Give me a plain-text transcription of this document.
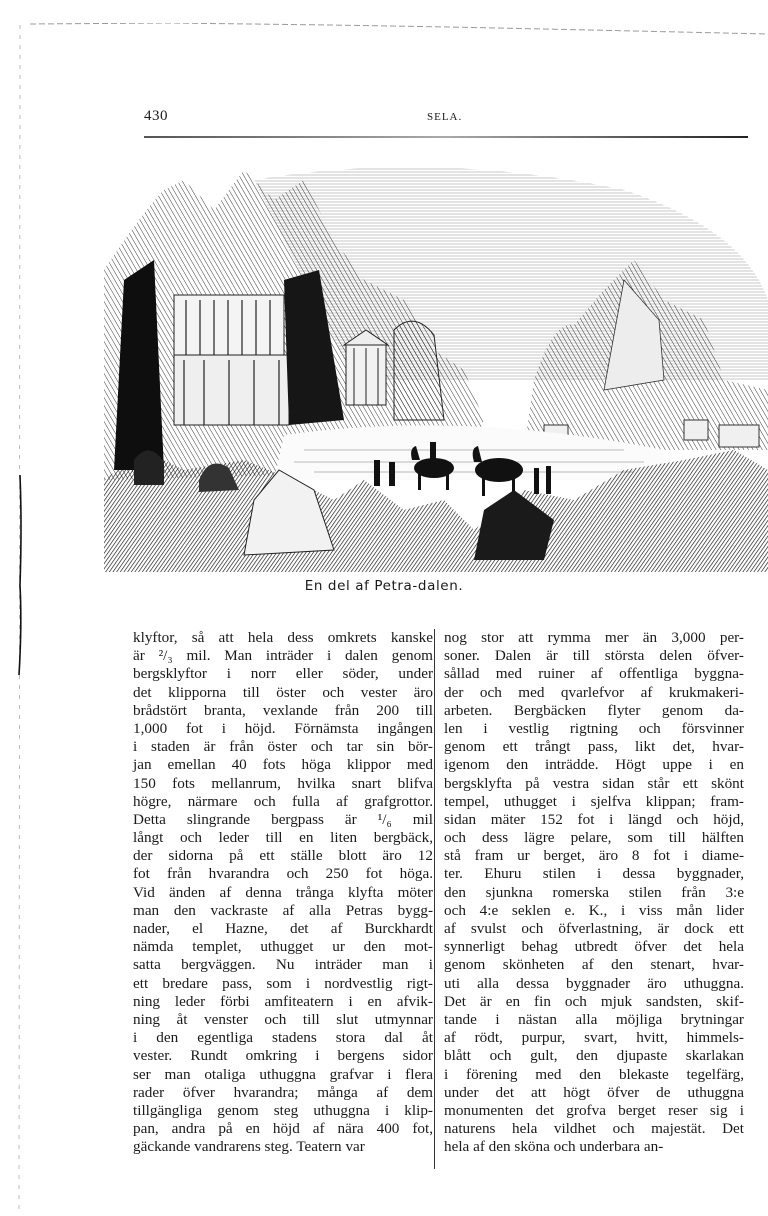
430	SELA.
En del af Petra-dalen.
klyftor, så att hela dess omkrets kanske
är ²/₃ mil. Man inträder i dalen genom
bergsklyftor i norr eller söder, under
det klipporna till öster och vester äro
brådstört branta, vexlande från 200 till
1,000 fot i höjd. Förnämsta ingången
i staden är från öster och tar sin bör-
jan emellan 40 fots höga klippor med
150 fots mellanrum, hvilka snart blifva
högre, närmare och fulla af grafgrottor.
Detta slingrande bergpass är ¹/₆ mil
långt och leder till en liten bergbäck,
der sidorna på ett ställe blott äro 12
fot från hvarandra och 250 fot höga.
Vid änden af denna trånga klyfta möter
man den vackraste af alla Petras bygg-
nader, el Hazne, det af Burckhardt
nämda templet, uthugget ur den mot-
satta bergväggen. Nu inträder man i
ett bredare pass, som i nordvestlig rigt-
ning leder förbi amfiteatern i en afvik-
ning åt venster och till slut utmynnar
i den egentliga stadens stora dal åt
vester. Rundt omkring i bergens sidor
ser man otaliga uthuggna grafvar i flera
rader öfver hvarandra; många af dem
tillgängliga genom steg uthuggna i klip-
pan, andra på en höjd af nära 400 fot,
gäckande vandrarens steg. Teatern var
nog stor att rymma mer än 3,000 per-
soner. Dalen är till största delen öfver-
sållad med ruiner af offentliga byggna-
der och med qvarlefvor af krukmakeri-
arbeten. Bergbäcken flyter genom da-
len i vestlig rigtning och försvinner
genom ett trångt pass, likt det, hvar-
igenom den inträdde. Högt uppe i en
bergsklyfta på vestra sidan står ett skönt
tempel, uthugget i sjelfva klippan; fram-
sidan mäter 152 fot i längd och höjd,
och dess lägre pelare, som till hälften
stå fram ur berget, äro 8 fot i diame-
ter. Ehuru stilen i dessa byggnader,
den sjunkna romerska stilen från 3:e
och 4:e seklen e. K., i viss mån lider
af svulst och öfverlastning, är dock ett
synnerligt behag utbredt öfver det hela
genom skönheten af den stenart, hvar-
uti alla dessa byggnader äro uthuggna.
Det är en fin och mjuk sandsten, skif-
tande i nästan alla möjliga brytningar
af rödt, purpur, svart, hvitt, himmels-
blått och gult, den djupaste skarlakan
i förening med den blekaste tegelfärg,
under det att högt öfver de uthuggna
monumenten det grofva berget reser sig i
naturens hela vildhet och majestät. Det
hela af den sköna och underbara an-
